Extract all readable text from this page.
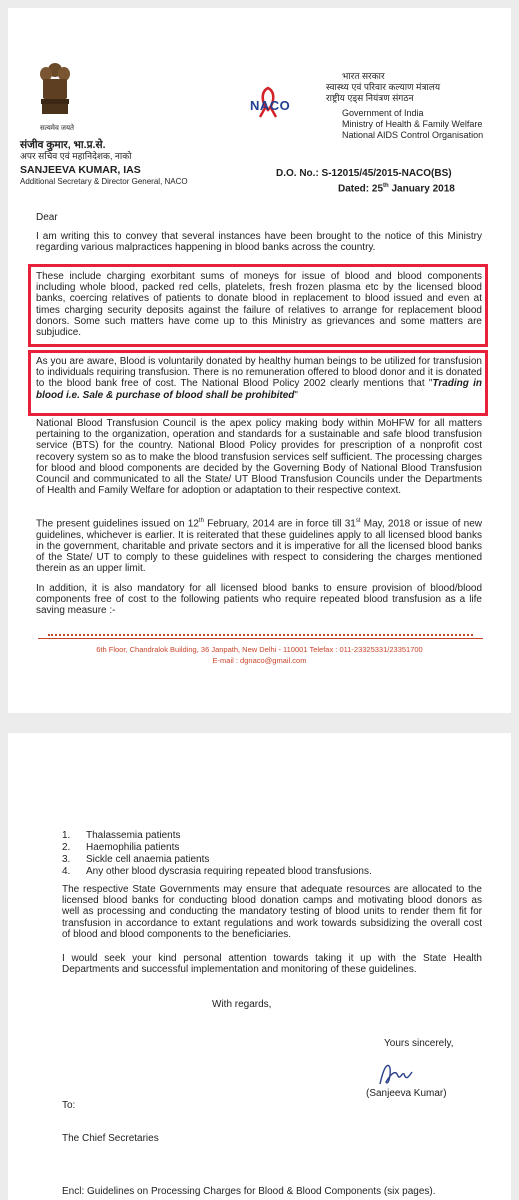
सत्यमेव जयते
संजीव कुमार, भा.प्र.से.
अपर सचिव एवं महानिदेशक, नाको
SANJEEVA KUMAR, IAS
Additional Secretary & Director General, NACO
NACO
भारत सरकार
स्वास्थ्य एवं परिवार कल्याण मंत्रालय
राष्ट्रीय एड्स नियंत्रण संगठन
Government of India
Ministry of Health & Family Welfare
National AIDS Control Organisation
D.O. No.: S-12015/45/2015-NACO(BS)
Dated: 25th January 2018
Dear

I am writing this to convey that several instances have been brought to the notice of this Ministry regarding various malpractices happening in blood banks across the country.

These include charging exorbitant sums of moneys for issue of blood and blood components including whole blood, packed red cells, platelets, fresh frozen plasma etc by the licensed blood banks, coercing relatives of patients to donate blood in replacement to blood issued and even at times charging security deposits against the failure of relatives to arrange for replacement blood donors. Some such matters have come up to this Ministry as grievances and some matters are subjudice.

As you are aware, Blood is voluntarily donated by healthy human beings to be utilized for transfusion to individuals requiring transfusion. There is no remuneration offered to blood donor and it is donated to the blood bank free of cost. The National Blood Policy 2002 clearly mentions that "Trading in blood i.e. Sale & purchase of blood shall be prohibited"

National Blood Transfusion Council is the apex policy making body within MoHFW for all matters pertaining to the organization, operation and standards for a sustainable and safe blood transfusion service (BTS) for the country. National Blood Policy provides for prescription of a nonprofit cost recovery system so as to make the blood transfusion services self sufficient. The processing charges for blood and blood components are decided by the Governing Body of National Blood Transfusion Council and communicated to all the State/ UT Blood Transfusion Councils under the Departments of Health and Family Welfare for adoption or adaptation to their respective context.

The present guidelines issued on 12th February, 2014 are in force till 31st May, 2018 or issue of new guidelines, whichever is earlier. It is reiterated that these guidelines apply to all licensed blood banks in the government, charitable and private sectors and it is imperative for all the licensed blood banks of the State/ UT to comply to these guidelines with respect to considering the charges mentioned therein as an upper limit.

In addition, it is also mandatory for all licensed blood banks to ensure provision of blood/blood components free of cost to the following patients who require repeated blood transfusion as a life saving measure :-

6th Floor, Chandralok Building, 36 Janpath, New Delhi - 110001 Telefax : 011-23325331/23351700
E-mail : dgnaco@gmail.com
1. Thalassemia patients
2. Haemophilia patients
3. Sickle cell anaemia patients
4. Any other blood dyscrasia requiring repeated blood transfusions.

The respective State Governments may ensure that adequate resources are allocated to the licensed blood banks for conducting blood donation camps and motivating blood donors as well as processing and conducting the mandatory testing of blood units to render them fit for transfusion in accordance to extant regulations and work towards subsidizing the overall cost of blood and blood components to the beneficiaries.

I would seek your kind personal attention towards taking it up with the State Health Departments and successful implementation and monitoring of these guidelines.

With regards,
Yours sincerely,
(Sanjeeva Kumar)
To:
The Chief Secretaries
Encl: Guidelines on Processing Charges for Blood & Blood Components (six pages).
